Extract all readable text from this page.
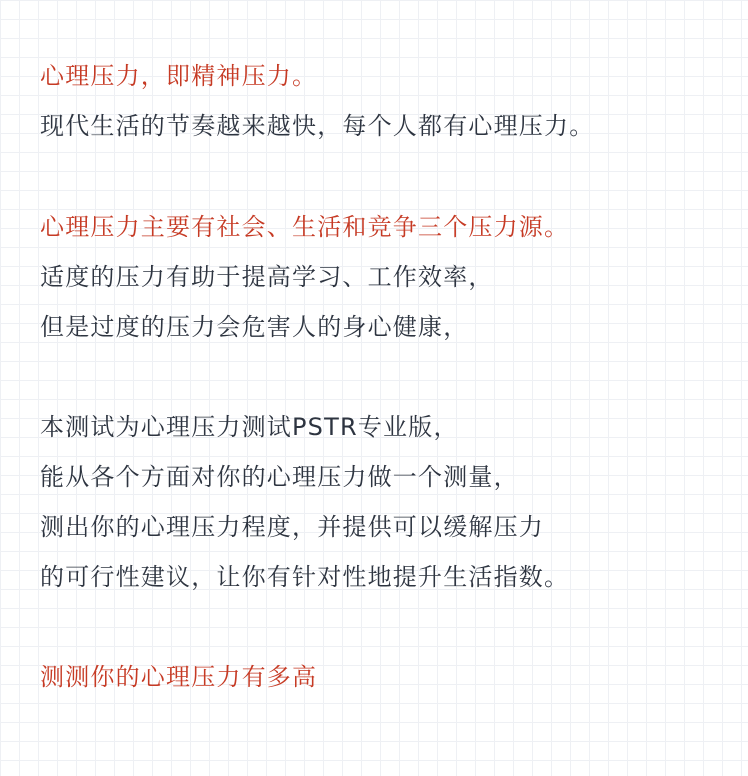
心理压力，即精神压力。
现代生活的节奏越来越快，每个人都有心理压力。
心理压力主要有社会、生活和竞争三个压力源。
适度的压力有助于提高学习、工作效率，
但是过度的压力会危害人的身心健康，
本测试为心理压力测试PSTR专业版，
能从各个方面对你的心理压力做一个测量，
测出你的心理压力程度，并提供可以缓解压力
的可行性建议，让你有针对性地提升生活指数。
测测你的心理压力有多高
